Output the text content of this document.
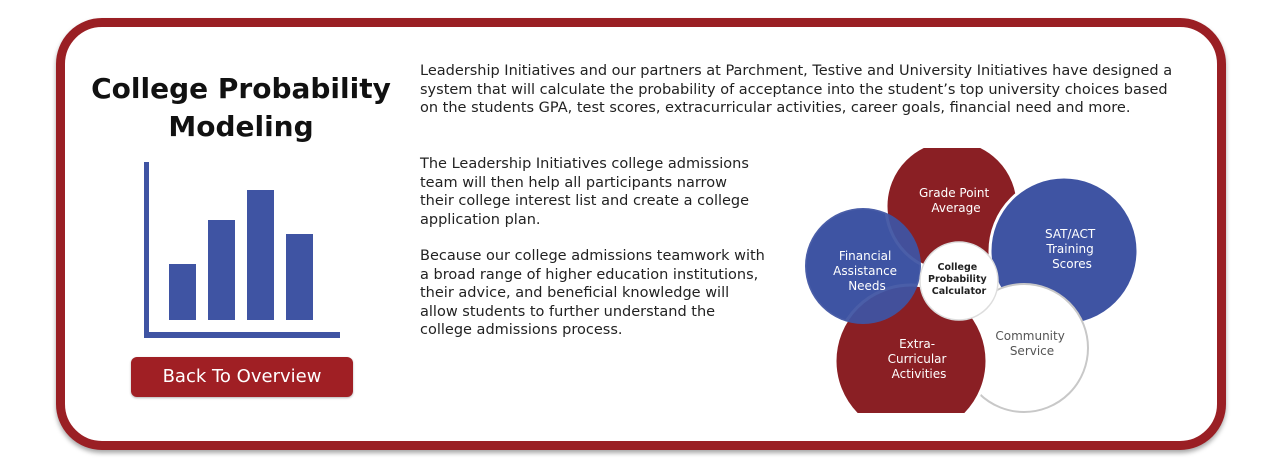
College Probability
Modeling
Back To Overview

Leadership Initiatives and our partners at Parchment, Testive and University Initiatives have designed a system that will calculate the probability of acceptance into the student’s top university choices based on the students GPA, test scores, extracurricular activities, career goals, financial need and more.

The Leadership Initiatives college admissions team will then help all participants narrow their college interest list and create a college application plan.

Because our college admissions teamwork with a broad range of higher education institutions, their advice, and beneficial knowledge will allow students to further understand the college admissions process.

Grade Point Average
SAT/ACT Training Scores
Financial Assistance Needs
College Probability Calculator
Community Service
Extra- Curricular Activities
